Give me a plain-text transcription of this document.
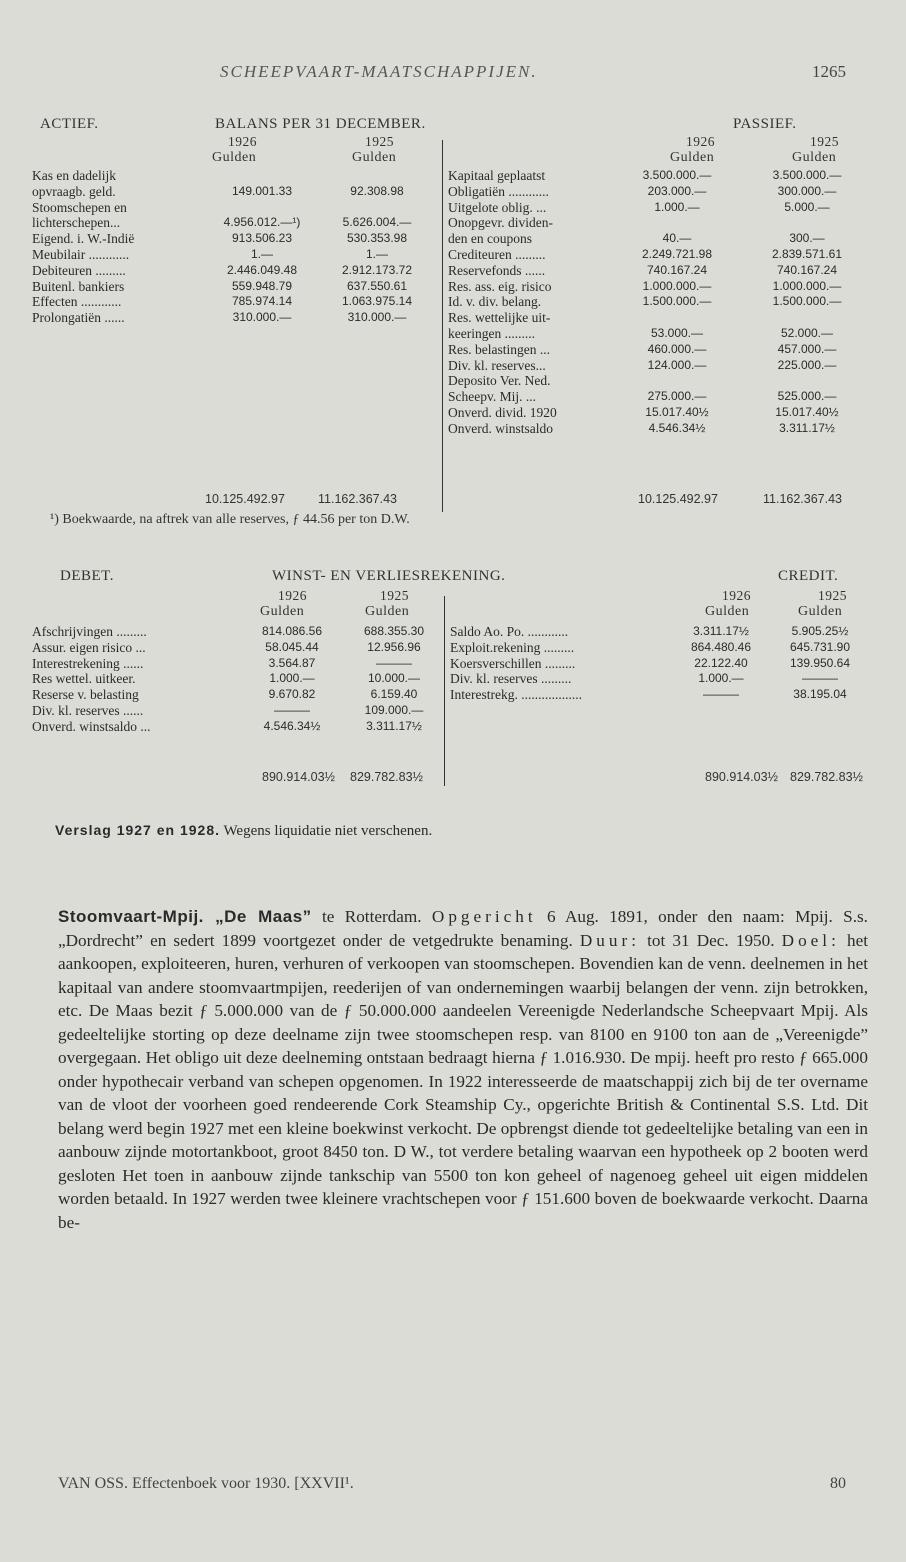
SCHEEPVAART-MAATSCHAPPIJEN.	1265
ACTIEF.	BALANS PER 31 DECEMBER.	PASSIEF.
1926	1925
Gulden	Gulden
1926	1925
Gulden	Gulden
Kas en dadelijk		
opvraagb. geld.	149.001.33	92.308.98
Stoomschepen en		
lichterschepen...	4.956.012.—¹)	5.626.004.—
Eigend. i. W.-Indië	913.506.23	530.353.98
Meubilair ............	1.—	1.—
Debiteuren .........	2.446.049.48	2.912.173.72
Buitenl. bankiers	559.948.79	637.550.61
Effecten ............	785.974.14	1.063.975.14
Prolongatiën ......	310.000.—	310.000.—
Kapitaal geplaatst	3.500.000.—	3.500.000.—
Obligatiën ............	203.000.—	300.000.—
Uitgelote oblig. ...	1.000.—	5.000.—
Onopgevr. dividen-		
den en coupons	40.—	300.—
Crediteuren .........	2.249.721.98	2.839.571.61
Reservefonds ......	740.167.24	740.167.24
Res. ass. eig. risico	1.000.000.—	1.000.000.—
Id. v. div. belang.	1.500.000.—	1.500.000.—
Res. wettelijke uit-		
keeringen .........	53.000.—	52.000.—
Res. belastingen ...	460.000.—	457.000.—
Div. kl. reserves...	124.000.—	225.000.—
Deposito Ver. Ned.		
Scheepv. Mij. ...	275.000.—	525.000.—
Onverd. divid. 1920	15.017.40½	15.017.40½
Onverd. winstsaldo	4.546.34½	3.311.17½
10.125.492.97	11.162.367.43	10.125.492.97	11.162.367.43
¹) Boekwaarde, na aftrek van alle reserves, ƒ 44.56 per ton D.W.
DEBET.	WINST- EN VERLIESREKENING.	CREDIT.
1926	1925	1926	1925
Gulden	Gulden	Gulden	Gulden
Afschrijvingen .........	814.086.56	688.355.30
Assur. eigen risico ...	58.045.44	12.956.96
Interestrekening ......	3.564.87	———
Res wettel. uitkeer.	1.000.—	10.000.—
Reserse v. belasting	9.670.82	6.159.40
Div. kl. reserves ......	———	109.000.—
Onverd. winstsaldo ...	4.546.34½	3.311.17½
Saldo Ao. Po. ............	3.311.17½	5.905.25½
Exploit.rekening .........	864.480.46	645.731.90
Koersverschillen .........	22.122.40	139.950.64
Div. kl. reserves .........	1.000.—	———
Interestrekg. ..................	———	38.195.04
890.914.03½ 829.782.83½	890.914.03½ 829.782.83½
Verslag 1927 en 1928. Wegens liquidatie niet verschenen.
Stoomvaart-Mpij. „De Maas” te Rotterdam. Opgericht 6 Aug. 1891, onder den naam: Mpij. S.s. „Dordrecht” en sedert 1899 voortgezet onder de vetgedrukte benaming. Duur: tot 31 Dec. 1950. Doel: het aankoopen, exploiteeren, huren, verhuren of verkoopen van stoomschepen. Bovendien kan de venn. deelnemen in het kapitaal van andere stoomvaartmpijen, reederijen of van ondernemingen waarbij belangen der venn. zijn betrokken, etc. De Maas bezit ƒ 5.000.000 van de ƒ 50.000.000 aandeelen Vereenigde Nederlandsche Scheepvaart Mpij. Als gedeeltelijke storting op deze deelname zijn twee stoomschepen resp. van 8100 en 9100 ton aan de „Vereenigde” overgegaan. Het obligo uit deze deelneming ontstaan bedraagt hierna ƒ 1.016.930. De mpij. heeft pro resto ƒ 665.000 onder hypothecair verband van schepen opgenomen. In 1922 interesseerde de maatschappij zich bij de ter overname van de vloot der voorheen goed rendeerende Cork Steamship Cy., opgerichte British & Continental S.S. Ltd. Dit belang werd begin 1927 met een kleine boekwinst verkocht. De opbrengst diende tot gedeeltelijke betaling van een in aanbouw zijnde motortankboot, groot 8450 ton. D W., tot verdere betaling waarvan een hypotheek op 2 booten werd gesloten Het toen in aanbouw zijnde tankschip van 5500 ton kon geheel of nagenoeg geheel uit eigen middelen worden betaald. In 1927 werden twee kleinere vrachtschepen voor ƒ 151.600 boven de boekwaarde verkocht. Daarna be-
VAN OSS. Effectenboek voor 1930. [XXVII¹.	80
